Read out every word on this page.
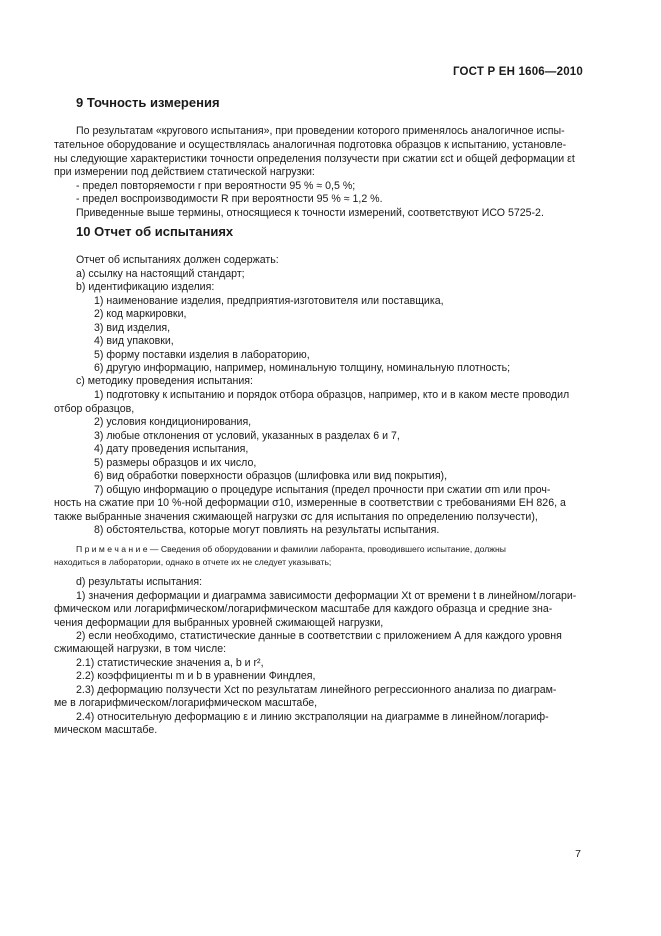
ГОСТ Р ЕН 1606—2010
9 Точность измерения
По результатам «кругового испытания», при проведении которого применялось аналогичное испы-
тательное оборудование и осуществлялась аналогичная подготовка образцов к испытанию, установле-
ны следующие характеристики точности определения ползучести при сжатии εct и общей деформации εt
при измерении под действием статической нагрузки:
- предел повторяемости r при вероятности 95 % ≈ 0,5 %;
- предел воспроизводимости R при вероятности 95 % ≈ 1,2 %.
Приведенные выше термины, относящиеся к точности измерений, соответствуют ИСО 5725-2.
10 Отчет об испытаниях
Отчет об испытаниях должен содержать:
a) ссылку на настоящий стандарт;
b) идентификацию изделия:
1) наименование изделия, предприятия-изготовителя или поставщика,
2) код маркировки,
3) вид изделия,
4) вид упаковки,
5) форму поставки изделия в лабораторию,
6) другую информацию, например, номинальную толщину, номинальную плотность;
c) методику проведения испытания:
1) подготовку к испытанию и порядок отбора образцов, например, кто и в каком месте проводил
отбор образцов,
2) условия кондиционирования,
3) любые отклонения от условий, указанных в разделах 6 и 7,
4) дату проведения испытания,
5) размеры образцов и их число,
6) вид обработки поверхности образцов (шлифовка или вид покрытия),
7) общую информацию о процедуре испытания (предел прочности при сжатии σm или проч-
ность на сжатие при 10 %-ной деформации σ10, измеренные в соответствии с требованиями ЕН 826, а
также выбранные значения сжимающей нагрузки σc для испытания по определению ползучести),
8) обстоятельства, которые могут повлиять на результаты испытания.
П р и м е ч а н и е — Сведения об оборудовании и фамилии лаборанта, проводившего испытание, должны
находиться в лаборатории, однако в отчете их не следует указывать;
d) результаты испытания:
1) значения деформации и диаграмма зависимости деформации Xt от времени t в линейном/логари-
фмическом или логарифмическом/логарифмическом масштабе для каждого образца и средние зна-
чения деформации для выбранных уровней сжимающей нагрузки,
2) если необходимо, статистические данные в соответствии с приложением А для каждого уровня
сжимающей нагрузки, в том числе:
2.1) статистические значения a, b и r²,
2.2) коэффициенты m и b в уравнении Финдлея,
2.3) деформацию ползучести Xct по результатам линейного регрессионного анализа по диаграм-
ме в логарифмическом/логарифмическом масштабе,
2.4) относительную деформацию ε и линию экстраполяции на диаграмме в линейном/логариф-
мическом масштабе.
7
